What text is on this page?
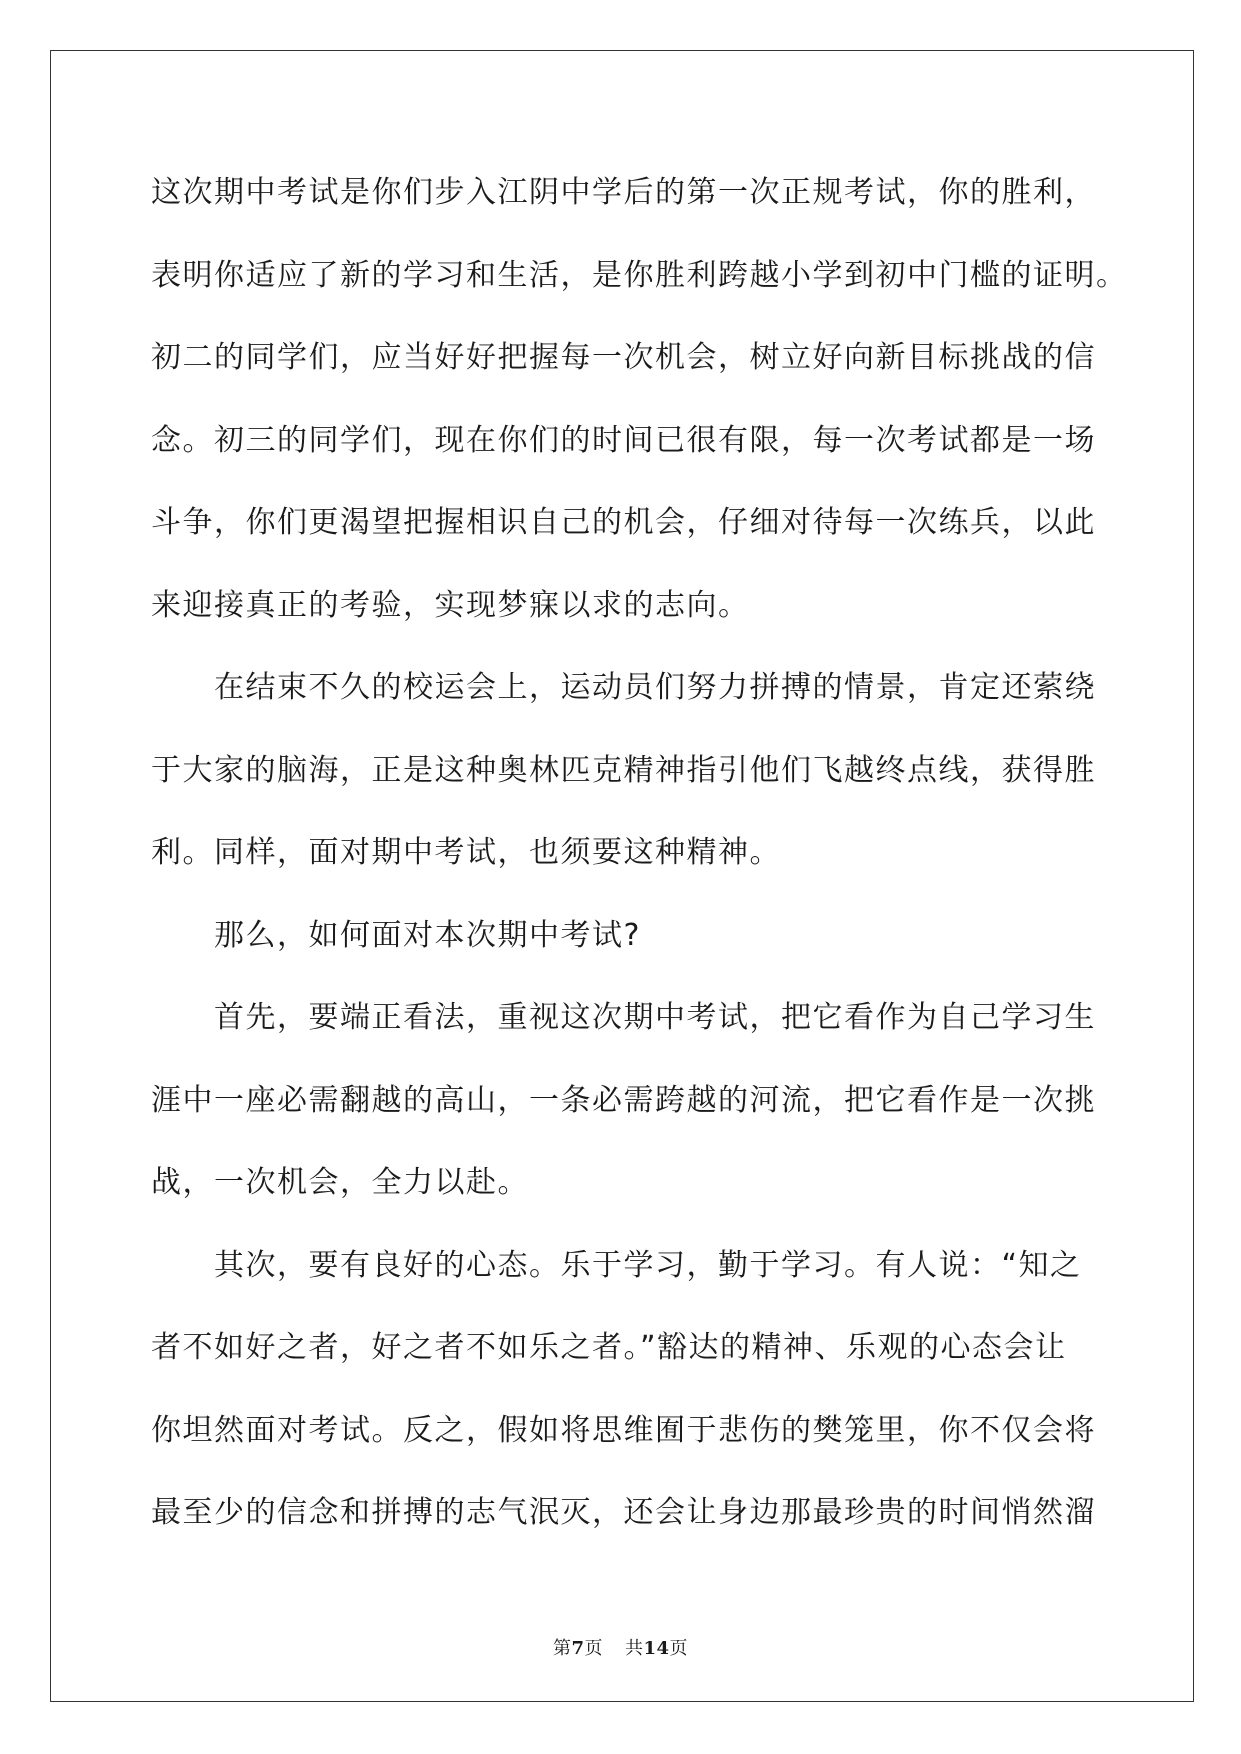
这次期中考试是你们步入江阴中学后的第一次正规考试，你的胜利，
表明你适应了新的学习和生活，是你胜利跨越小学到初中门槛的证明。
初二的同学们，应当好好把握每一次机会，树立好向新目标挑战的信
念。初三的同学们，现在你们的时间已很有限，每一次考试都是一场
斗争，你们更渴望把握相识自己的机会，仔细对待每一次练兵，以此
来迎接真正的考验，实现梦寐以求的志向。

在结束不久的校运会上，运动员们努力拼搏的情景，肯定还萦绕
于大家的脑海，正是这种奥林匹克精神指引他们飞越终点线，获得胜
利。同样，面对期中考试，也须要这种精神。

那么，如何面对本次期中考试?

首先，要端正看法，重视这次期中考试，把它看作为自己学习生
涯中一座必需翻越的高山，一条必需跨越的河流，把它看作是一次挑
战，一次机会，全力以赴。

其次，要有良好的心态。乐于学习，勤于学习。有人说：“知之
者不如好之者，好之者不如乐之者。”豁达的精神、乐观的心态会让
你坦然面对考试。反之，假如将思维囿于悲伤的樊笼里，你不仅会将
最至少的信念和拼搏的志气泯灭，还会让身边那最珍贵的时间悄然溜

第7页 共14页
